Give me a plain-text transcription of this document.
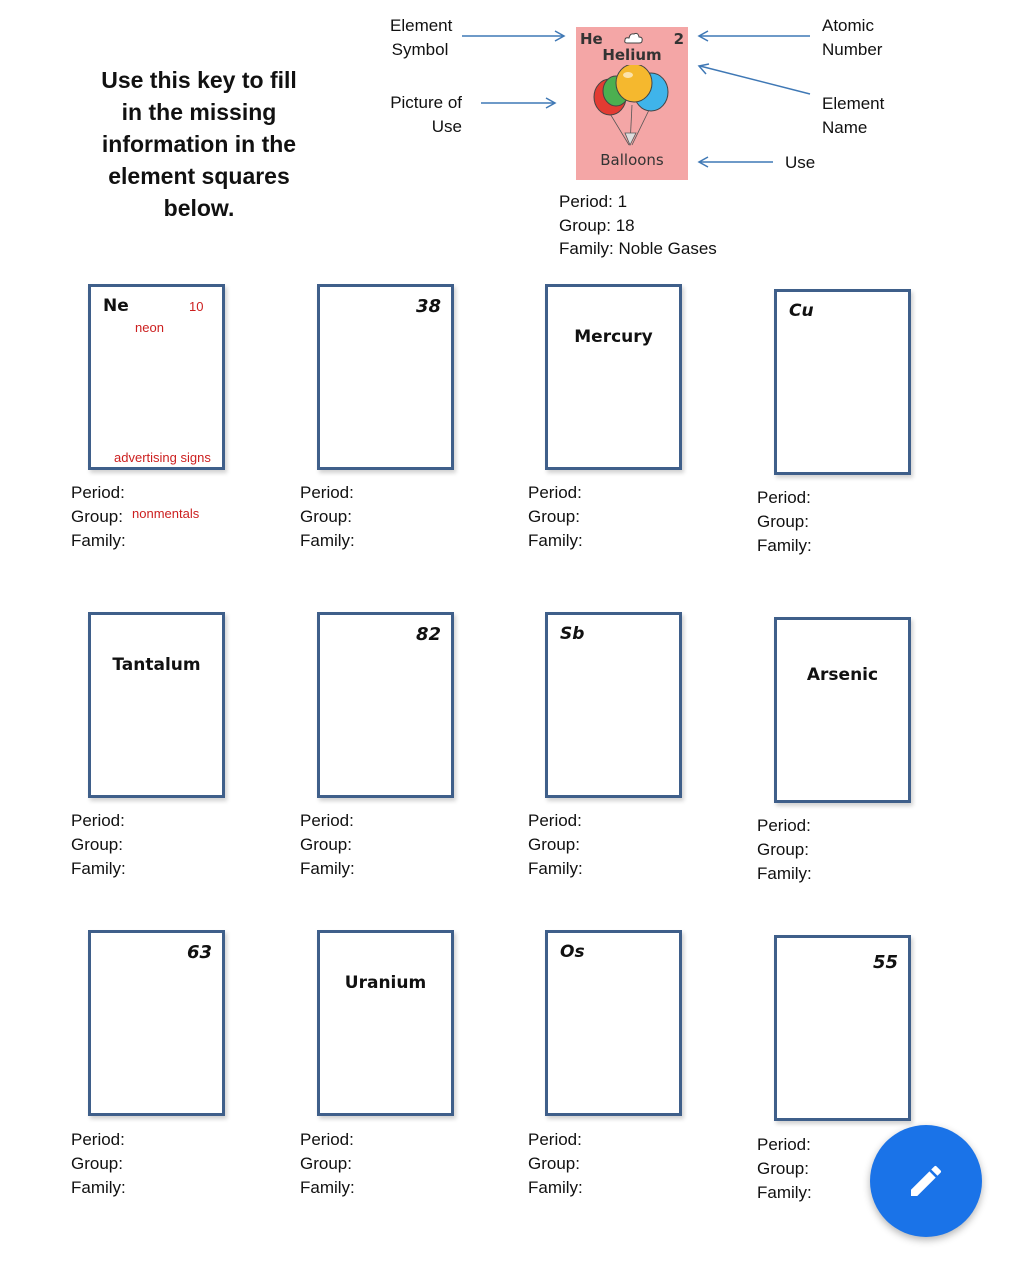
Use this key to fill in the missing information in the element squares below.
Element Symbol
Picture of Use
Atomic Number
Element Name
Use
He	2
Helium
Balloons
Period: 1
Group: 18
Family: Noble Gases
Ne	10
neon
advertising signs
Period:
Group:
Family:
nonmentals
38
Period:
Group:
Family:
Mercury
Period:
Group:
Family:
Cu
Period:
Group:
Family:
Tantalum
Period:
Group:
Family:
82
Period:
Group:
Family:
Sb
Period:
Group:
Family:
Arsenic
Period:
Group:
Family:
63
Period:
Group:
Family:
Uranium
Period:
Group:
Family:
Os
Period:
Group:
Family:
55
Period:
Group:
Family:
